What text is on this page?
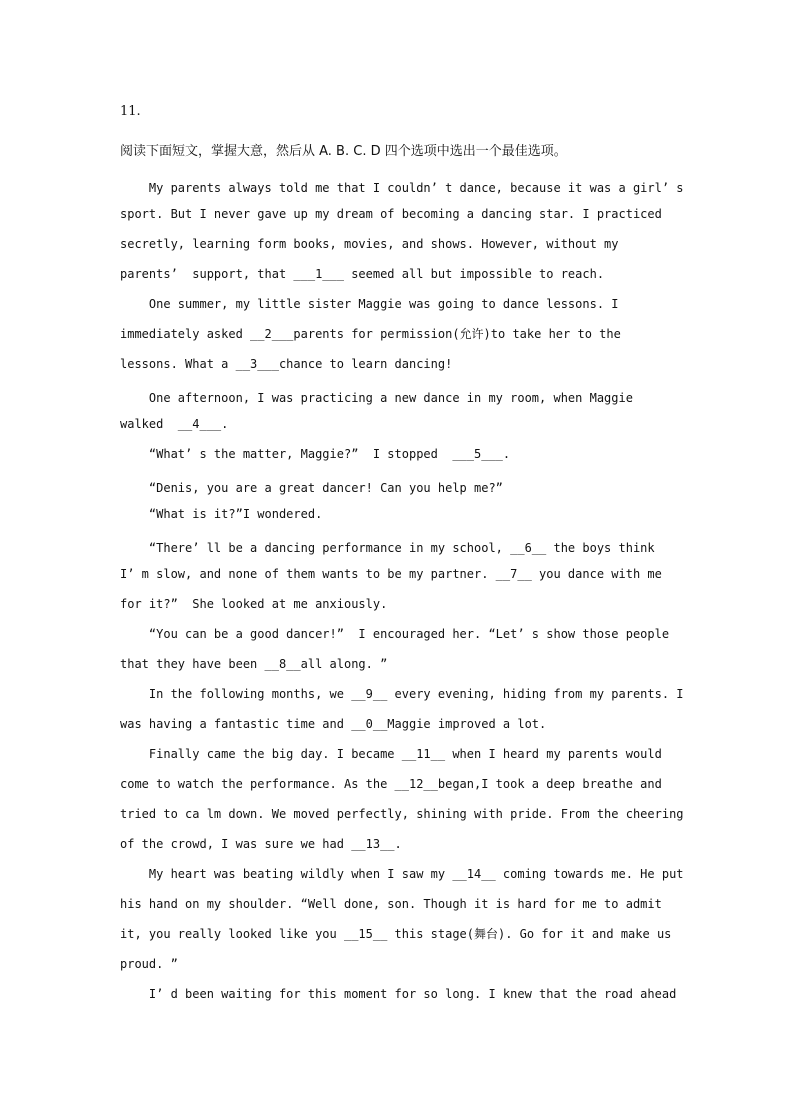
11.
阅读下面短文，掌握大意，然后从 A. B. C. D 四个选项中选出一个最佳选项。
My parents always told me that I couldn’ t dance, because it was a girl’ s
sport. But I never gave up my dream of becoming a dancing star. I practiced
secretly, learning form books, movies, and shows. However, without my
parents’  support, that ___1___ seemed all but impossible to reach.
One summer, my little sister Maggie was going to dance lessons. I
immediately asked __2___parents for permission(允许)to take her to the
lessons. What a __3___chance to learn dancing!
One afternoon, I was practicing a new dance in my room, when Maggie
walked  __4___.
“What’ s the matter, Maggie?”  I stopped  ___5___.
“Denis, you are a great dancer! Can you help me?”
“What is it?”I wondered.
“There’ ll be a dancing performance in my school, __6__ the boys think
I’ m slow, and none of them wants to be my partner. __7__ you dance with me
for it?”  She looked at me anxiously.
“You can be a good dancer!”  I encouraged her. “Let’ s show those people
that they have been __8__all along. ”
In the following months, we __9__ every evening, hiding from my parents. I
was having a fantastic time and __0__Maggie improved a lot.
Finally came the big day. I became __11__ when I heard my parents would
come to watch the performance. As the __12__began,I took a deep breathe and
tried to ca lm down. We moved perfectly, shining with pride. From the cheering
of the crowd, I was sure we had __13__.
My heart was beating wildly when I saw my __14__ coming towards me. He put
his hand on my shoulder. “Well done, son. Though it is hard for me to admit
it, you really looked like you __15__ this stage(舞台). Go for it and make us
proud. ”
I’ d been waiting for this moment for so long. I knew that the road ahead
